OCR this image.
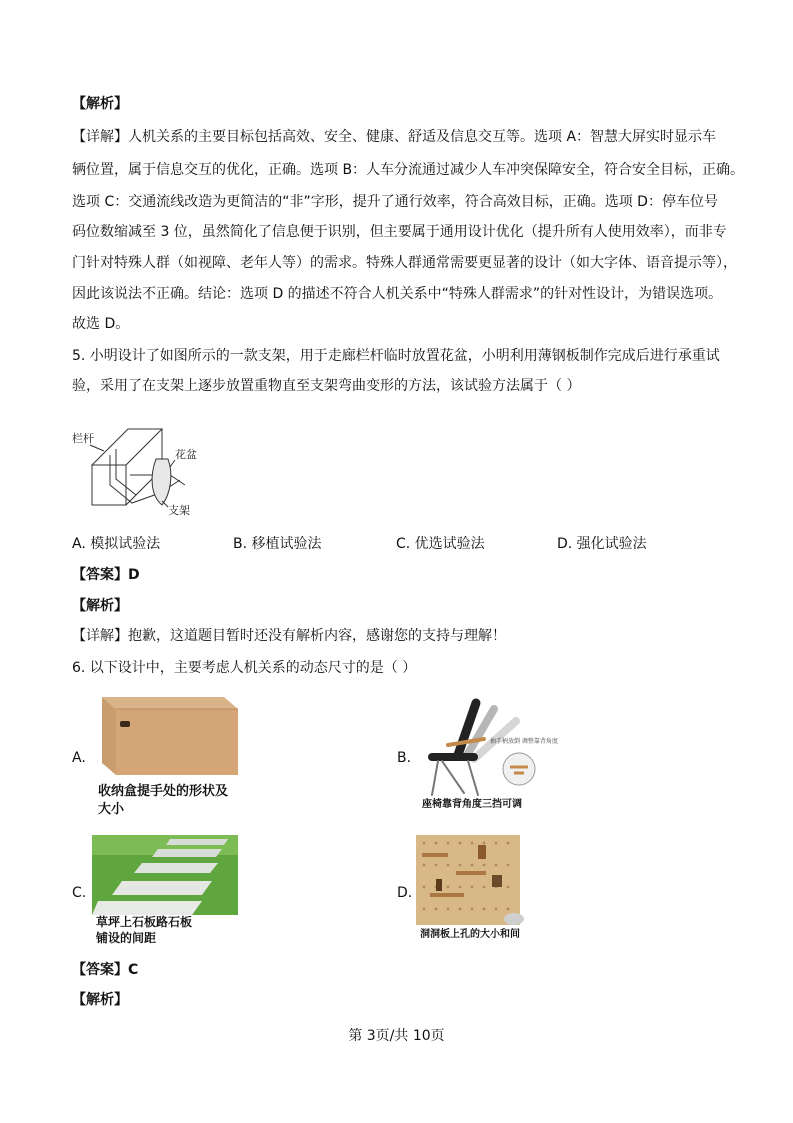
【解析】
【详解】人机关系的主要目标包括高效、安全、健康、舒适及信息交互等。选项 A：智慧大屏实时显示车
辆位置，属于信息交互的优化，正确。选项 B：人车分流通过减少人车冲突保障安全，符合安全目标，正确。
选项 C：交通流线改造为更简洁的“非”字形，提升了通行效率，符合高效目标，正确。选项 D：停车位号
码位数缩减至 3 位，虽然简化了信息便于识别，但主要属于通用设计优化（提升所有人使用效率），而非专
门针对特殊人群（如视障、老年人等）的需求。特殊人群通常需要更显著的设计（如大字体、语音提示等），
因此该说法不正确。结论：选项 D 的描述不符合人机关系中“特殊人群需求”的针对性设计，为错误选项。
故选 D。
5. 小明设计了如图所示的一款支架，用于走廊栏杆临时放置花盆，小明利用薄钢板制作完成后进行承重试
验，采用了在支架上逐步放置重物直至支架弯曲变形的方法，该试验方法属于（ ）
栏杆
花盆
支架
A. 模拟试验法	B. 移植试验法	C. 优选试验法	D. 强化试验法
【答案】D
【解析】
【详解】抱歉，这道题目暂时还没有解析内容，感谢您的支持与理解！
6. 以下设计中，主要考虑人机关系的动态尺寸的是（ ）
A.
收纳盒提手处的形状及
大小
B.
抽手柄放倒 调整靠背角度
座椅靠背角度三挡可调
C.
草坪上石板路石板
铺设的间距
D.
洞洞板上孔的大小和间
【答案】C
【解析】
第 3页/共 10页
